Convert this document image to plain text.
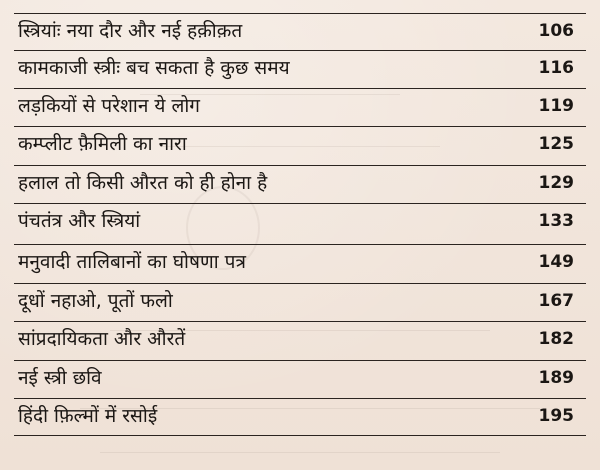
स्त्रियांः नया दौर और नई हक़ीक़त	106
कामकाजी स्त्रीः बच सकता है कुछ समय	116
लड़कियों से परेशान ये लोग	119
कम्प्लीट फ़ैमिली का नारा	125
हलाल तो किसी औरत को ही होना है	129
पंचतंत्र और स्त्रियां	133
मनुवादी तालिबानों का घोषणा पत्र	149
दूधों नहाओ, पूतों फलो	167
सांप्रदायिकता और औरतें	182
नई स्त्री छवि	189
हिंदी फ़िल्मों में रसोई	195
